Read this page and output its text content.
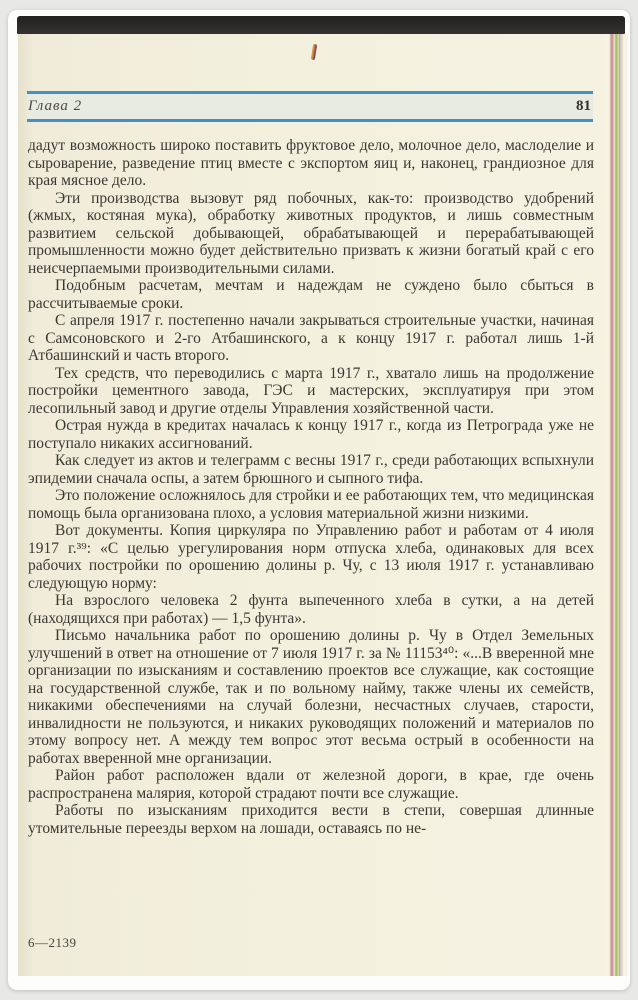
Глава 2	81

дадут возможность широко поставить фруктовое дело, молочное дело, маслоделие и сыроварение, разведение птиц вместе с экспортом яиц и, наконец, грандиозное для края мясное дело.

Эти производства вызовут ряд побочных, как-то: производство удобрений (жмых, костяная мука), обработку животных продуктов, и лишь совместным развитием сельской добывающей, обрабатывающей и перерабатывающей промышленности можно будет действительно призвать к жизни богатый край с его неисчерпаемыми производительными силами.

Подобным расчетам, мечтам и надеждам не суждено было сбыться в рассчитываемые сроки.

С апреля 1917 г. постепенно начали закрываться строительные участки, начиная с Самсоновского и 2-го Атбашинского, а к концу 1917 г. работал лишь 1-й Атбашинский и часть второго.

Тех средств, что переводились с марта 1917 г., хватало лишь на продолжение постройки цементного завода, ГЭС и мастерских, эксплуатируя при этом лесопильный завод и другие отделы Управления хозяйственной части.

Острая нужда в кредитах началась к концу 1917 г., когда из Петрограда уже не поступало никаких ассигнований.

Как следует из актов и телеграмм с весны 1917 г., среди работающих вспыхнули эпидемии сначала оспы, а затем брюшного и сыпного тифа.

Это положение осложнялось для стройки и ее работающих тем, что медицинская помощь была организована плохо, а условия материальной жизни низкими.

Вот документы. Копия циркуляра по Управлению работ и работам от 4 июля 1917 г.³⁹: «С целью урегулирования норм отпуска хлеба, одинаковых для всех рабочих постройки по орошению долины р. Чу, с 13 июля 1917 г. устанавливаю следующую норму:

На взрослого человека 2 фунта выпеченного хлеба в сутки, а на детей (находящихся при работах) — 1,5 фунта».

Письмо начальника работ по орошению долины р. Чу в Отдел Земельных улучшений в ответ на отношение от 7 июля 1917 г. за № 11153⁴⁰: «...В вверенной мне организации по изысканиям и составлению проектов все служащие, как состоящие на государственной службе, так и по вольному найму, также члены их семейств, никакими обеспечениями на случай болезни, несчастных случаев, старости, инвалидности не пользуются, и никаких руководящих положений и материалов по этому вопросу нет. А между тем вопрос этот весьма острый в особенности на работах вверенной мне организации.

Район работ расположен вдали от железной дороги, в крае, где очень распространена малярия, которой страдают почти все служащие.

Работы по изысканиям приходится вести в степи, совершая длинные утомительные переезды верхом на лошади, оставаясь по не-

6—2139
